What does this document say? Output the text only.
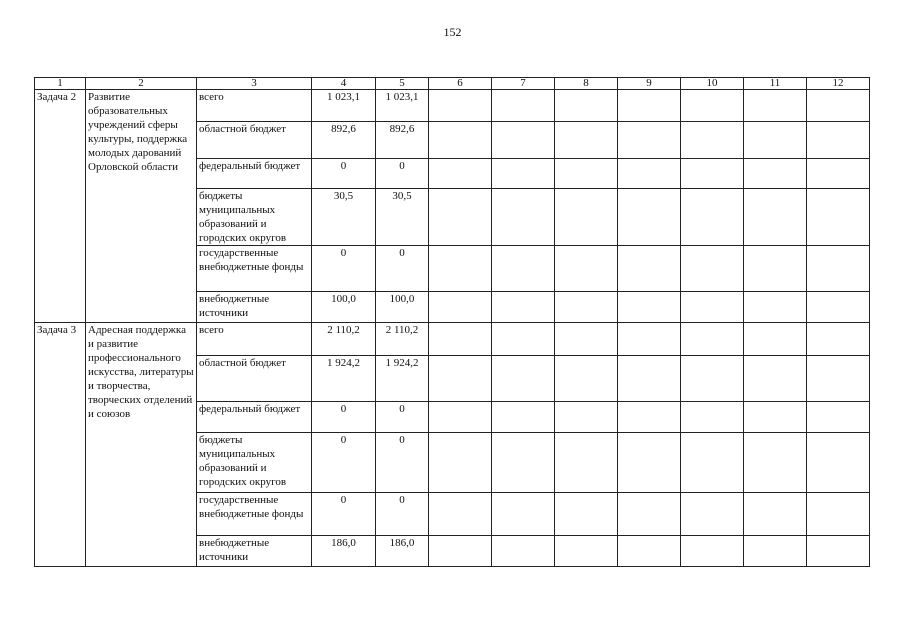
152
1	2	3	4	5	6	7	8	9	10	11	12
Задача 2	Развитие образовательных учреждений сферы культуры, поддержка молодых дарований Орловской области	всего	1 023,1	1 023,1							
		областной бюджет	892,6	892,6							
		федеральный бюджет	0	0							
		бюджеты муниципальных образований и городских округов	30,5	30,5							
		государственные внебюджетные фонды	0	0							
		внебюджетные источники	100,0	100,0							
Задача 3	Адресная поддержка и развитие профессионального искусства, литературы и творчества, творческих отделений и союзов	всего	2 110,2	2 110,2							
		областной бюджет	1 924,2	1 924,2							
		федеральный бюджет	0	0							
		бюджеты муниципальных образований и городских округов	0	0							
		государственные внебюджетные фонды	0	0							
		внебюджетные источники	186,0	186,0							
